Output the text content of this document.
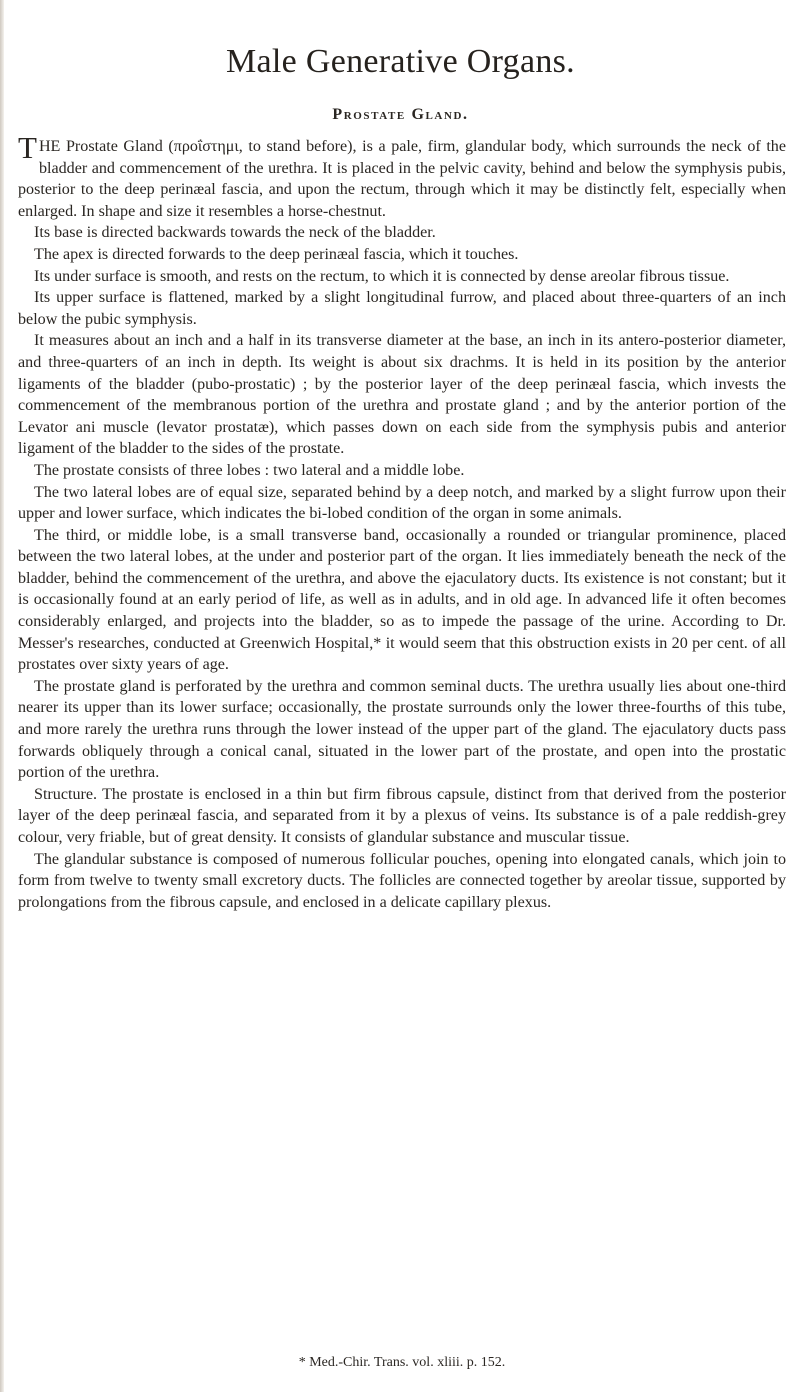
Male Generative Organs.
Prostate Gland.

THE Prostate Gland (προΐστημι, to stand before), is a pale, firm, glandular body, which surrounds the neck of the bladder and commencement of the urethra. It is placed in the pelvic cavity, behind and below the symphysis pubis, posterior to the deep perinæal fascia, and upon the rectum, through which it may be distinctly felt, especially when enlarged. In shape and size it resembles a horse-chestnut.

Its base is directed backwards towards the neck of the bladder.

The apex is directed forwards to the deep perinæal fascia, which it touches.

Its under surface is smooth, and rests on the rectum, to which it is connected by dense areolar fibrous tissue.

Its upper surface is flattened, marked by a slight longitudinal furrow, and placed about three-quarters of an inch below the pubic symphysis.

It measures about an inch and a half in its transverse diameter at the base, an inch in its antero-posterior diameter, and three-quarters of an inch in depth. Its weight is about six drachms. It is held in its position by the anterior ligaments of the bladder (pubo-prostatic) ; by the posterior layer of the deep perinæal fascia, which invests the commencement of the membranous portion of the urethra and prostate gland ; and by the anterior portion of the Levator ani muscle (levator prostatæ), which passes down on each side from the symphysis pubis and anterior ligament of the bladder to the sides of the prostate.

The prostate consists of three lobes : two lateral and a middle lobe.

The two lateral lobes are of equal size, separated behind by a deep notch, and marked by a slight furrow upon their upper and lower surface, which indicates the bi-lobed condition of the organ in some animals.

The third, or middle lobe, is a small transverse band, occasionally a rounded or triangular prominence, placed between the two lateral lobes, at the under and posterior part of the organ. It lies immediately beneath the neck of the bladder, behind the commencement of the urethra, and above the ejaculatory ducts. Its existence is not constant; but it is occasionally found at an early period of life, as well as in adults, and in old age. In advanced life it often becomes considerably enlarged, and projects into the bladder, so as to impede the passage of the urine. According to Dr. Messer's researches, conducted at Greenwich Hospital,* it would seem that this obstruction exists in 20 per cent. of all prostates over sixty years of age.

The prostate gland is perforated by the urethra and common seminal ducts. The urethra usually lies about one-third nearer its upper than its lower surface; occasionally, the prostate surrounds only the lower three-fourths of this tube, and more rarely the urethra runs through the lower instead of the upper part of the gland. The ejaculatory ducts pass forwards obliquely through a conical canal, situated in the lower part of the prostate, and open into the prostatic portion of the urethra.

Structure. The prostate is enclosed in a thin but firm fibrous capsule, distinct from that derived from the posterior layer of the deep perinæal fascia, and separated from it by a plexus of veins. Its substance is of a pale reddish-grey colour, very friable, but of great density. It consists of glandular substance and muscular tissue.

The glandular substance is composed of numerous follicular pouches, opening into elongated canals, which join to form from twelve to twenty small excretory ducts. The follicles are connected together by areolar tissue, supported by prolongations from the fibrous capsule, and enclosed in a delicate capillary plexus.

* Med.-Chir. Trans. vol. xliii. p. 152.
